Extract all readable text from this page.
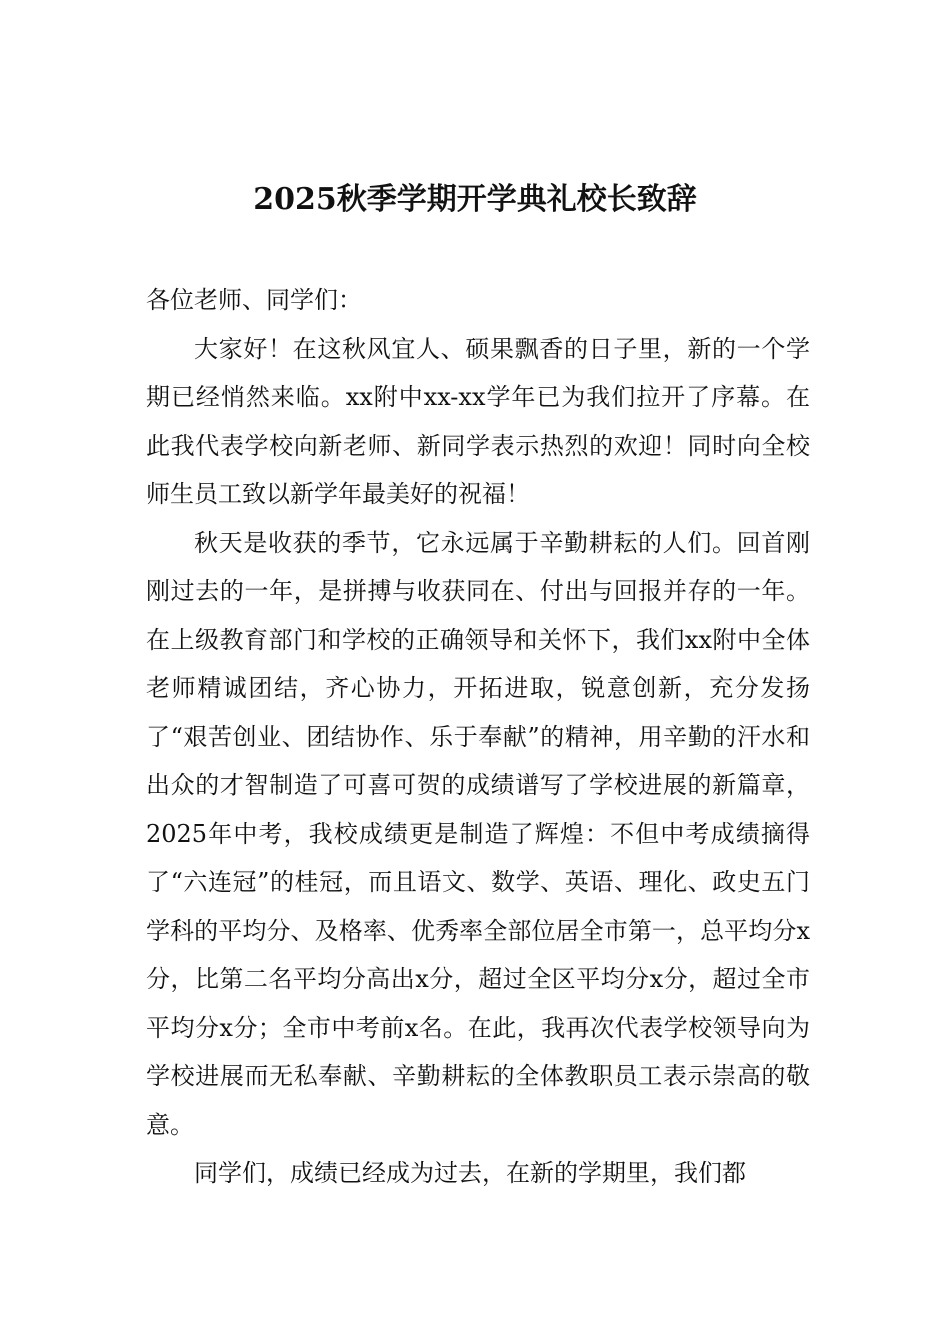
2025秋季学期开学典礼校长致辞

各位老师、同学们：

大家好！在这秋风宜人、硕果飘香的日子里，新的一个学期已经悄然来临。xx附中xx-xx学年已为我们拉开了序幕。在此我代表学校向新老师、新同学表示热烈的欢迎！同时向全校师生员工致以新学年最美好的祝福！

秋天是收获的季节，它永远属于辛勤耕耘的人们。回首刚刚过去的一年，是拼搏与收获同在、付出与回报并存的一年。在上级教育部门和学校的正确领导和关怀下，我们xx附中全体老师精诚团结，齐心协力，开拓进取，锐意创新，充分发扬了“艰苦创业、团结协作、乐于奉献”的精神，用辛勤的汗水和出众的才智制造了可喜可贺的成绩谱写了学校进展的新篇章， 2025年中考，我校成绩更是制造了辉煌：不但中考成绩摘得了“六连冠”的桂冠，而且语文、数学、英语、理化、政史五门学科的平均分、及格率、优秀率全部位居全市第一，总平均分x分，比第二名平均分高出x分，超过全区平均分x分，超过全市平均分x分；全市中考前x名。在此，我再次代表学校领导向为学校进展而无私奉献、辛勤耕耘的全体教职员工表示崇高的敬意。

同学们，成绩已经成为过去，在新的学期里，我们都
